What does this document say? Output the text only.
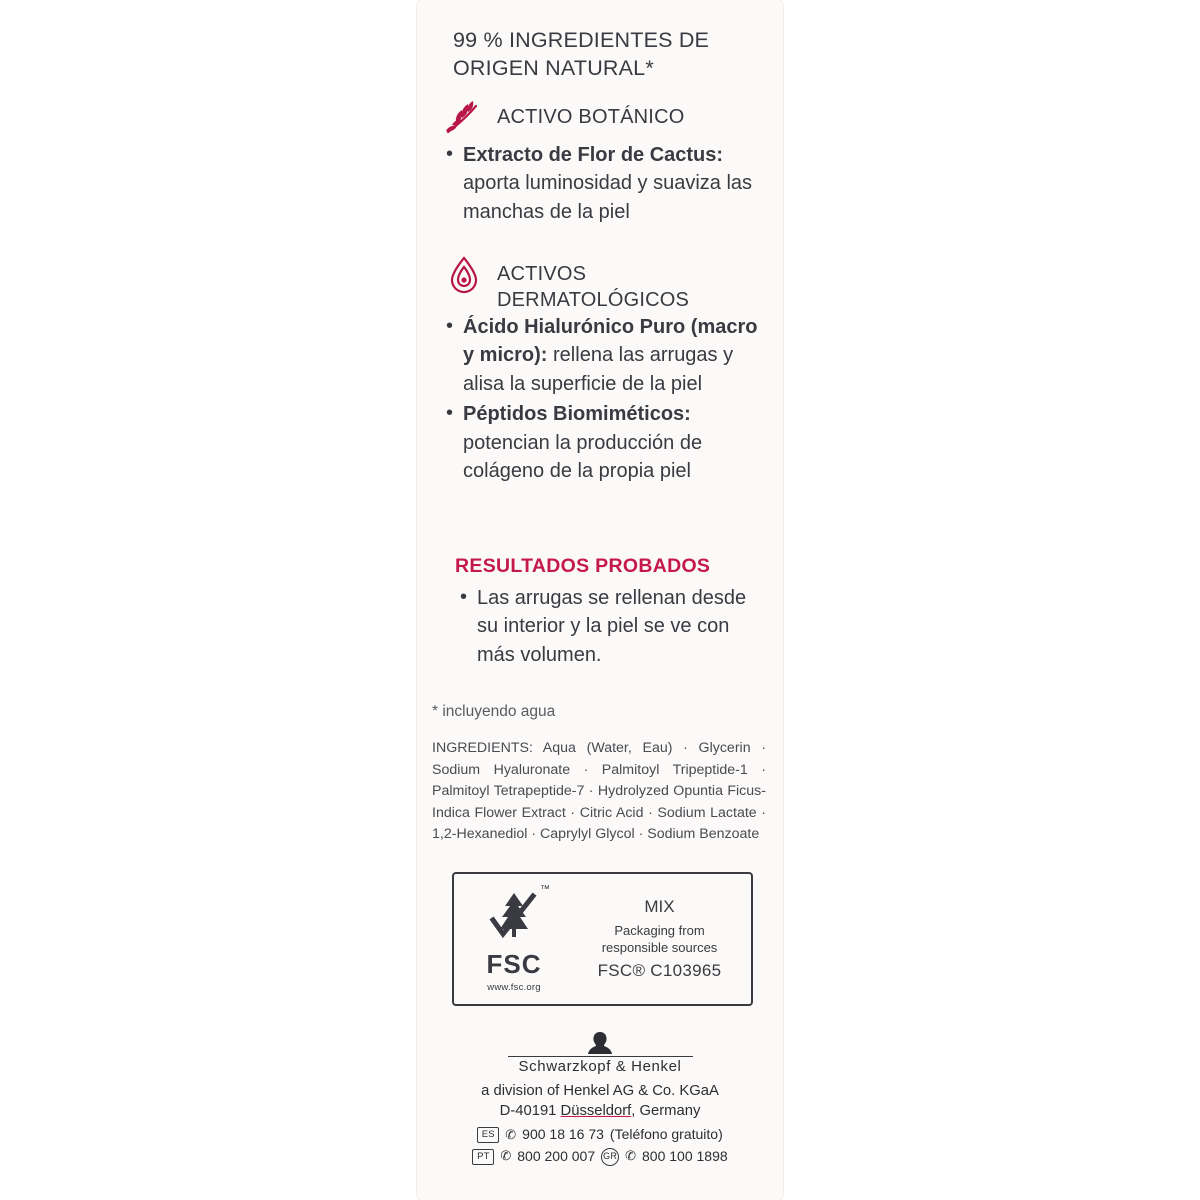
99 % INGREDIENTES DE ORIGEN NATURAL*
ACTIVO BOTÁNICO
• Extracto de Flor de Cactus: aporta luminosidad y suaviza las manchas de la piel
ACTIVOS DERMATOLÓGICOS
• Ácido Hialurónico Puro (macro y micro): rellena las arrugas y alisa la superficie de la piel
• Péptidos Biomiméticos: potencian la producción de colágeno de la propia piel
RESULTADOS PROBADOS
• Las arrugas se rellenan desde su interior y la piel se ve con más volumen.
* incluyendo agua
INGREDIENTS: Aqua (Water, Eau) · Glycerin · Sodium Hyaluronate · Palmitoyl Tripeptide-1 · Palmitoyl Tetrapeptide-7 · Hydrolyzed Opuntia Ficus-Indica Flower Extract · Citric Acid · Sodium Lactate · 1,2-Hexanediol · Caprylyl Glycol · Sodium Benzoate
™
FSC
www.fsc.org
MIX
Packaging from
responsible sources
FSC® C103965
Schwarzkopf & Henkel
a division of Henkel AG & Co. KGaA
D-40191 Düsseldorf, Germany
ES ✆ 900 18 16 73 (Teléfono gratuito)
PT ✆ 800 200 007 GR ✆ 800 100 1898
